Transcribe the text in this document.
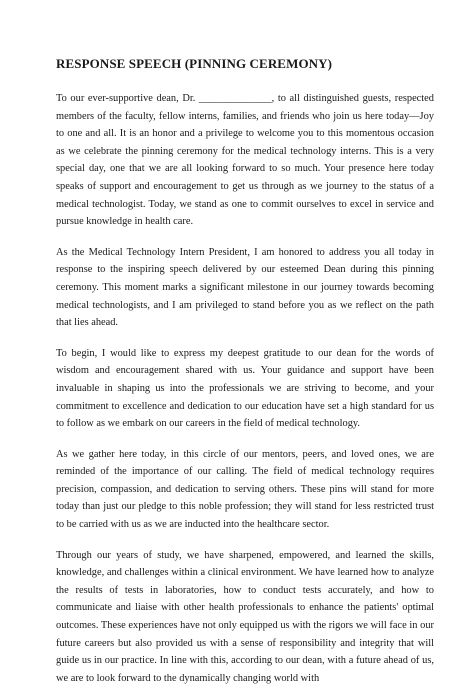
RESPONSE SPEECH (PINNING CEREMONY)

To our ever-supportive dean, Dr. ______________, to all distinguished guests, respected members of the faculty, fellow interns, families, and friends who join us here today—Joy to one and all. It is an honor and a privilege to welcome you to this momentous occasion as we celebrate the pinning ceremony for the medical technology interns. This is a very special day, one that we are all looking forward to so much. Your presence here today speaks of support and encouragement to get us through as we journey to the status of a medical technologist. Today, we stand as one to commit ourselves to excel in service and pursue knowledge in health care.

As the Medical Technology Intern President, I am honored to address you all today in response to the inspiring speech delivered by our esteemed Dean during this pinning ceremony. This moment marks a significant milestone in our journey towards becoming medical technologists, and I am privileged to stand before you as we reflect on the path that lies ahead.

To begin, I would like to express my deepest gratitude to our dean for the words of wisdom and encouragement shared with us. Your guidance and support have been invaluable in shaping us into the professionals we are striving to become, and your commitment to excellence and dedication to our education have set a high standard for us to follow as we embark on our careers in the field of medical technology.

As we gather here today, in this circle of our mentors, peers, and loved ones, we are reminded of the importance of our calling. The field of medical technology requires precision, compassion, and dedication to serving others. These pins will stand for more today than just our pledge to this noble profession; they will stand for less restricted trust to be carried with us as we are inducted into the healthcare sector.

Through our years of study, we have sharpened, empowered, and learned the skills, knowledge, and challenges within a clinical environment. We have learned how to analyze the results of tests in laboratories, how to conduct tests accurately, and how to communicate and liaise with other health professionals to enhance the patients' optimal outcomes. These experiences have not only equipped us with the rigors we will face in our future careers but also provided us with a sense of responsibility and integrity that will guide us in our practice. In line with this, according to our dean, with a future ahead of us, we are to look forward to the dynamically changing world with
